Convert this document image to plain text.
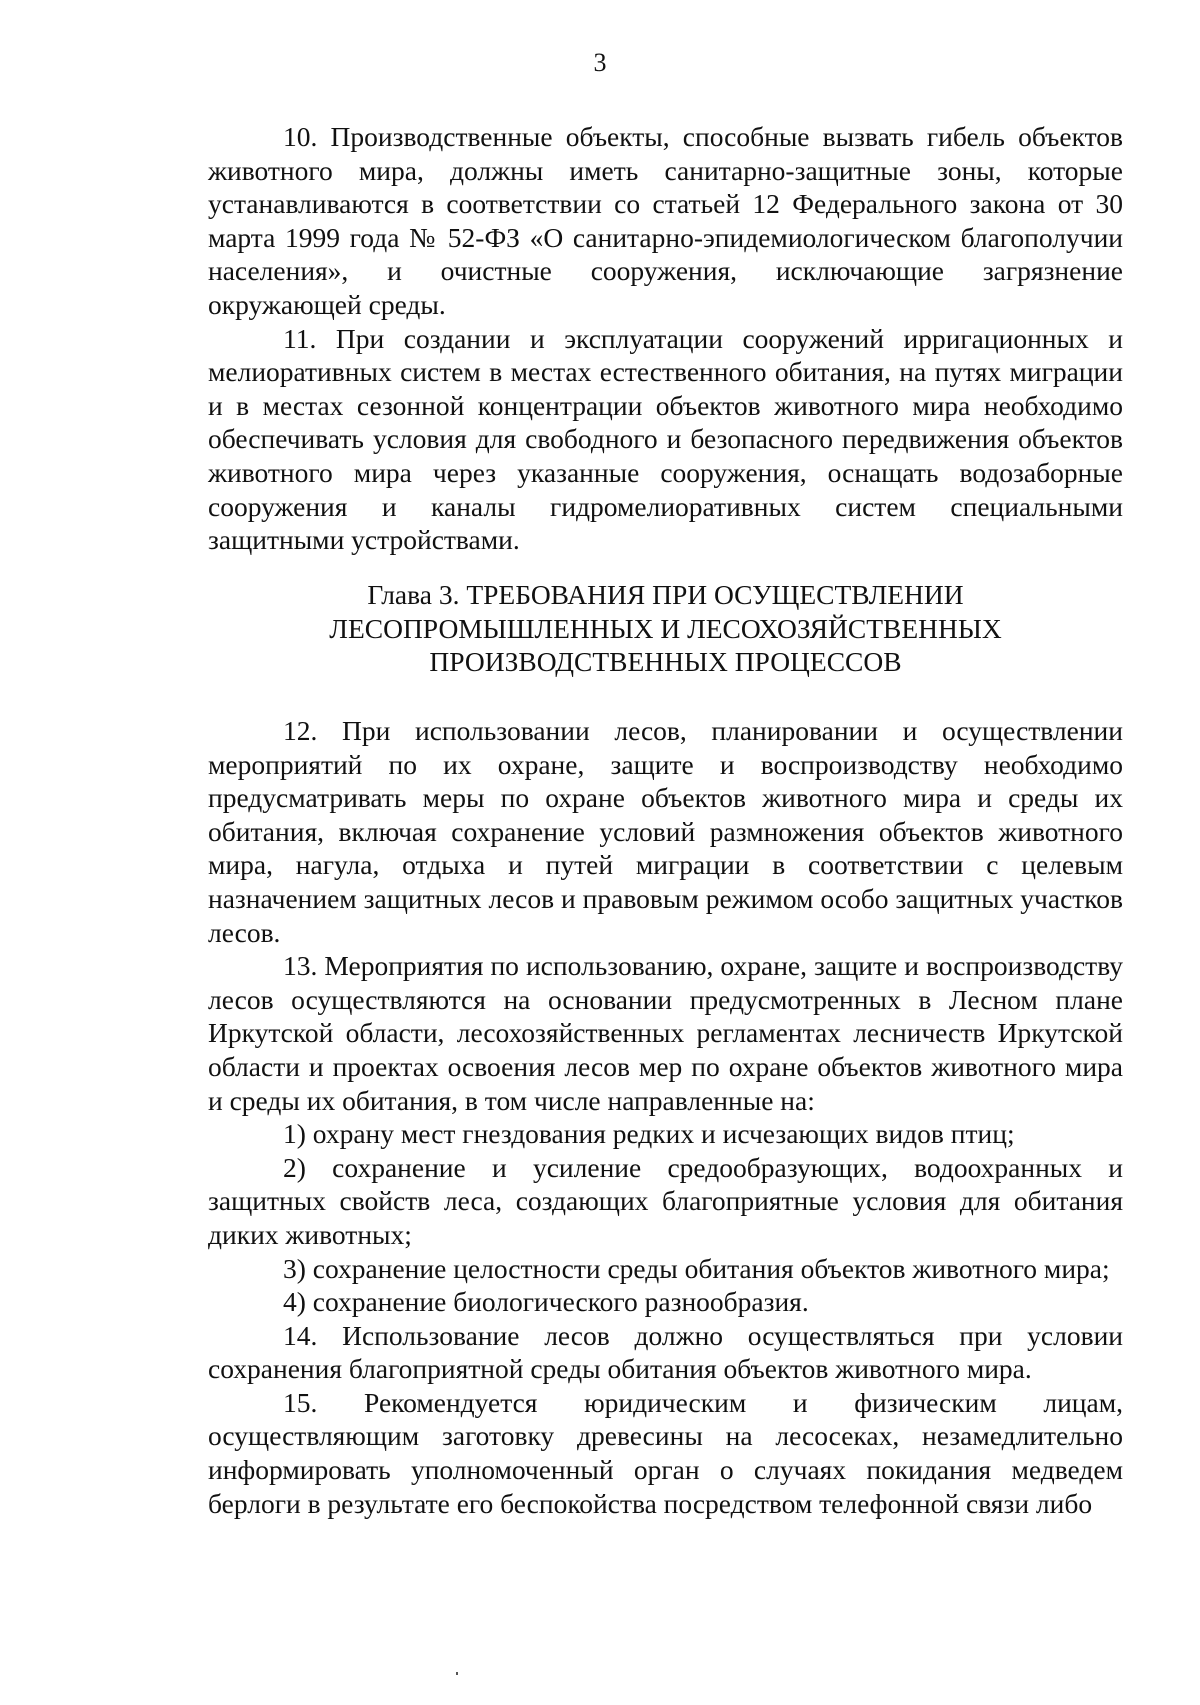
3

10. Производственные объекты, способные вызвать гибель объектов животного мира, должны иметь санитарно-защитные зоны, которые устанавливаются в соответствии со статьей 12 Федерального закона от 30 марта 1999 года № 52-ФЗ «О санитарно-эпидемиологическом благополучии населения», и очистные сооружения, исключающие загрязнение окружающей среды.

11. При создании и эксплуатации сооружений ирригационных и мелиоративных систем в местах естественного обитания, на путях миграции и в местах сезонной концентрации объектов животного мира необходимо обеспечивать условия для свободного и безопасного передвижения объектов животного мира через указанные сооружения, оснащать водозаборные сооружения и каналы гидромелиоративных систем специальными защитными устройствами.

Глава 3. ТРЕБОВАНИЯ ПРИ ОСУЩЕСТВЛЕНИИ
ЛЕСОПРОМЫШЛЕННЫХ И ЛЕСОХОЗЯЙСТВЕННЫХ
ПРОИЗВОДСТВЕННЫХ ПРОЦЕССОВ

12. При использовании лесов, планировании и осуществлении мероприятий по их охране, защите и воспроизводству необходимо предусматривать меры по охране объектов животного мира и среды их обитания, включая сохранение условий размножения объектов животного мира, нагула, отдыха и путей миграции в соответствии с целевым назначением защитных лесов и правовым режимом особо защитных участков лесов.

13. Мероприятия по использованию, охране, защите и воспроизводству лесов осуществляются на основании предусмотренных в Лесном плане Иркутской области, лесохозяйственных регламентах лесничеств Иркутской области и проектах освоения лесов мер по охране объектов животного мира и среды их обитания, в том числе направленные на:

1) охрану мест гнездования редких и исчезающих видов птиц;

2) сохранение и усиление средообразующих, водоохранных и защитных свойств леса, создающих благоприятные условия для обитания диких животных;

3) сохранение целостности среды обитания объектов животного мира;

4) сохранение биологического разнообразия.

14. Использование лесов должно осуществляться при условии сохранения благоприятной среды обитания объектов животного мира.

15. Рекомендуется юридическим и физическим лицам, осуществляющим заготовку древесины на лесосеках, незамедлительно информировать уполномоченный орган о случаях покидания медведем берлоги в результате его беспокойства посредством телефонной связи либо
